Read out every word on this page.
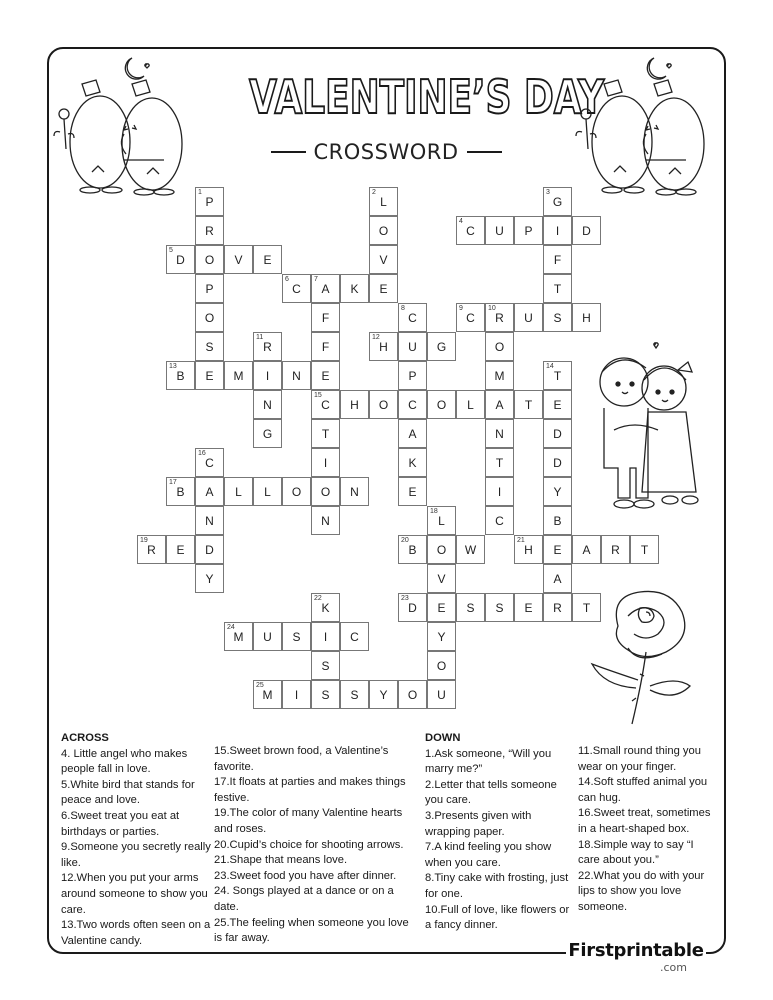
Firstprintable
.com
VALENTINE’S DAY
CROSSWORD
1
P
R
O
P
O
S
E
2
L
O
V
E
3
G
I
F
T
S
4
C U P	D
5
D	V E
6
C
7
A K
F
F
E
15
C
T
I
O
N
8
C
U
P
C
A
K
E
9
C
10
R U	H
O
M
A
N
T
I
C
11
R
I
N
G
12
H	G
13
B	M	N
14
T
E
D
D
Y
B
E
A
R
H O	O L	T
16
C
A
N
D
Y
17
B	L L O	N
18
L
O
V
E
Y
O
U
19
R E
20
B	W
21
H	A R T
22
K
I
S
S
23
D	S S E	T
24
M U S	C
25
M I	S Y O
ACROSS
4. Little angel who makes people fall in love.
5.White bird that stands for peace and love.
6.Sweet treat you eat at birthdays or parties.
9.Someone you secretly really like.
12.When you put your arms around someone to show you care.
13.Two words often seen on a Valentine candy.
15.Sweet brown food, a Valentine’s favorite.
17.It floats at parties and makes things festive.
19.The color of many Valentine hearts and roses.
20.Cupid’s choice for shooting arrows.
21.Shape that means love.
23.Sweet food you have after dinner.
24. Songs played at a dance or on a date.
25.The feeling when someone you love is far away.
DOWN
1.Ask someone, “Will you marry me?”
2.Letter that tells someone you care.
3.Presents given with wrapping paper.
7.A kind feeling you show when you care.
8.Tiny cake with frosting, just for one.
10.Full of love, like flowers or a fancy dinner.
11.Small round thing you wear on your finger.
14.Soft stuffed animal you can hug.
16.Sweet treat, sometimes in a heart-shaped box.
18.Simple way to say “I care about you.”
22.What you do with your lips to show you love someone.
